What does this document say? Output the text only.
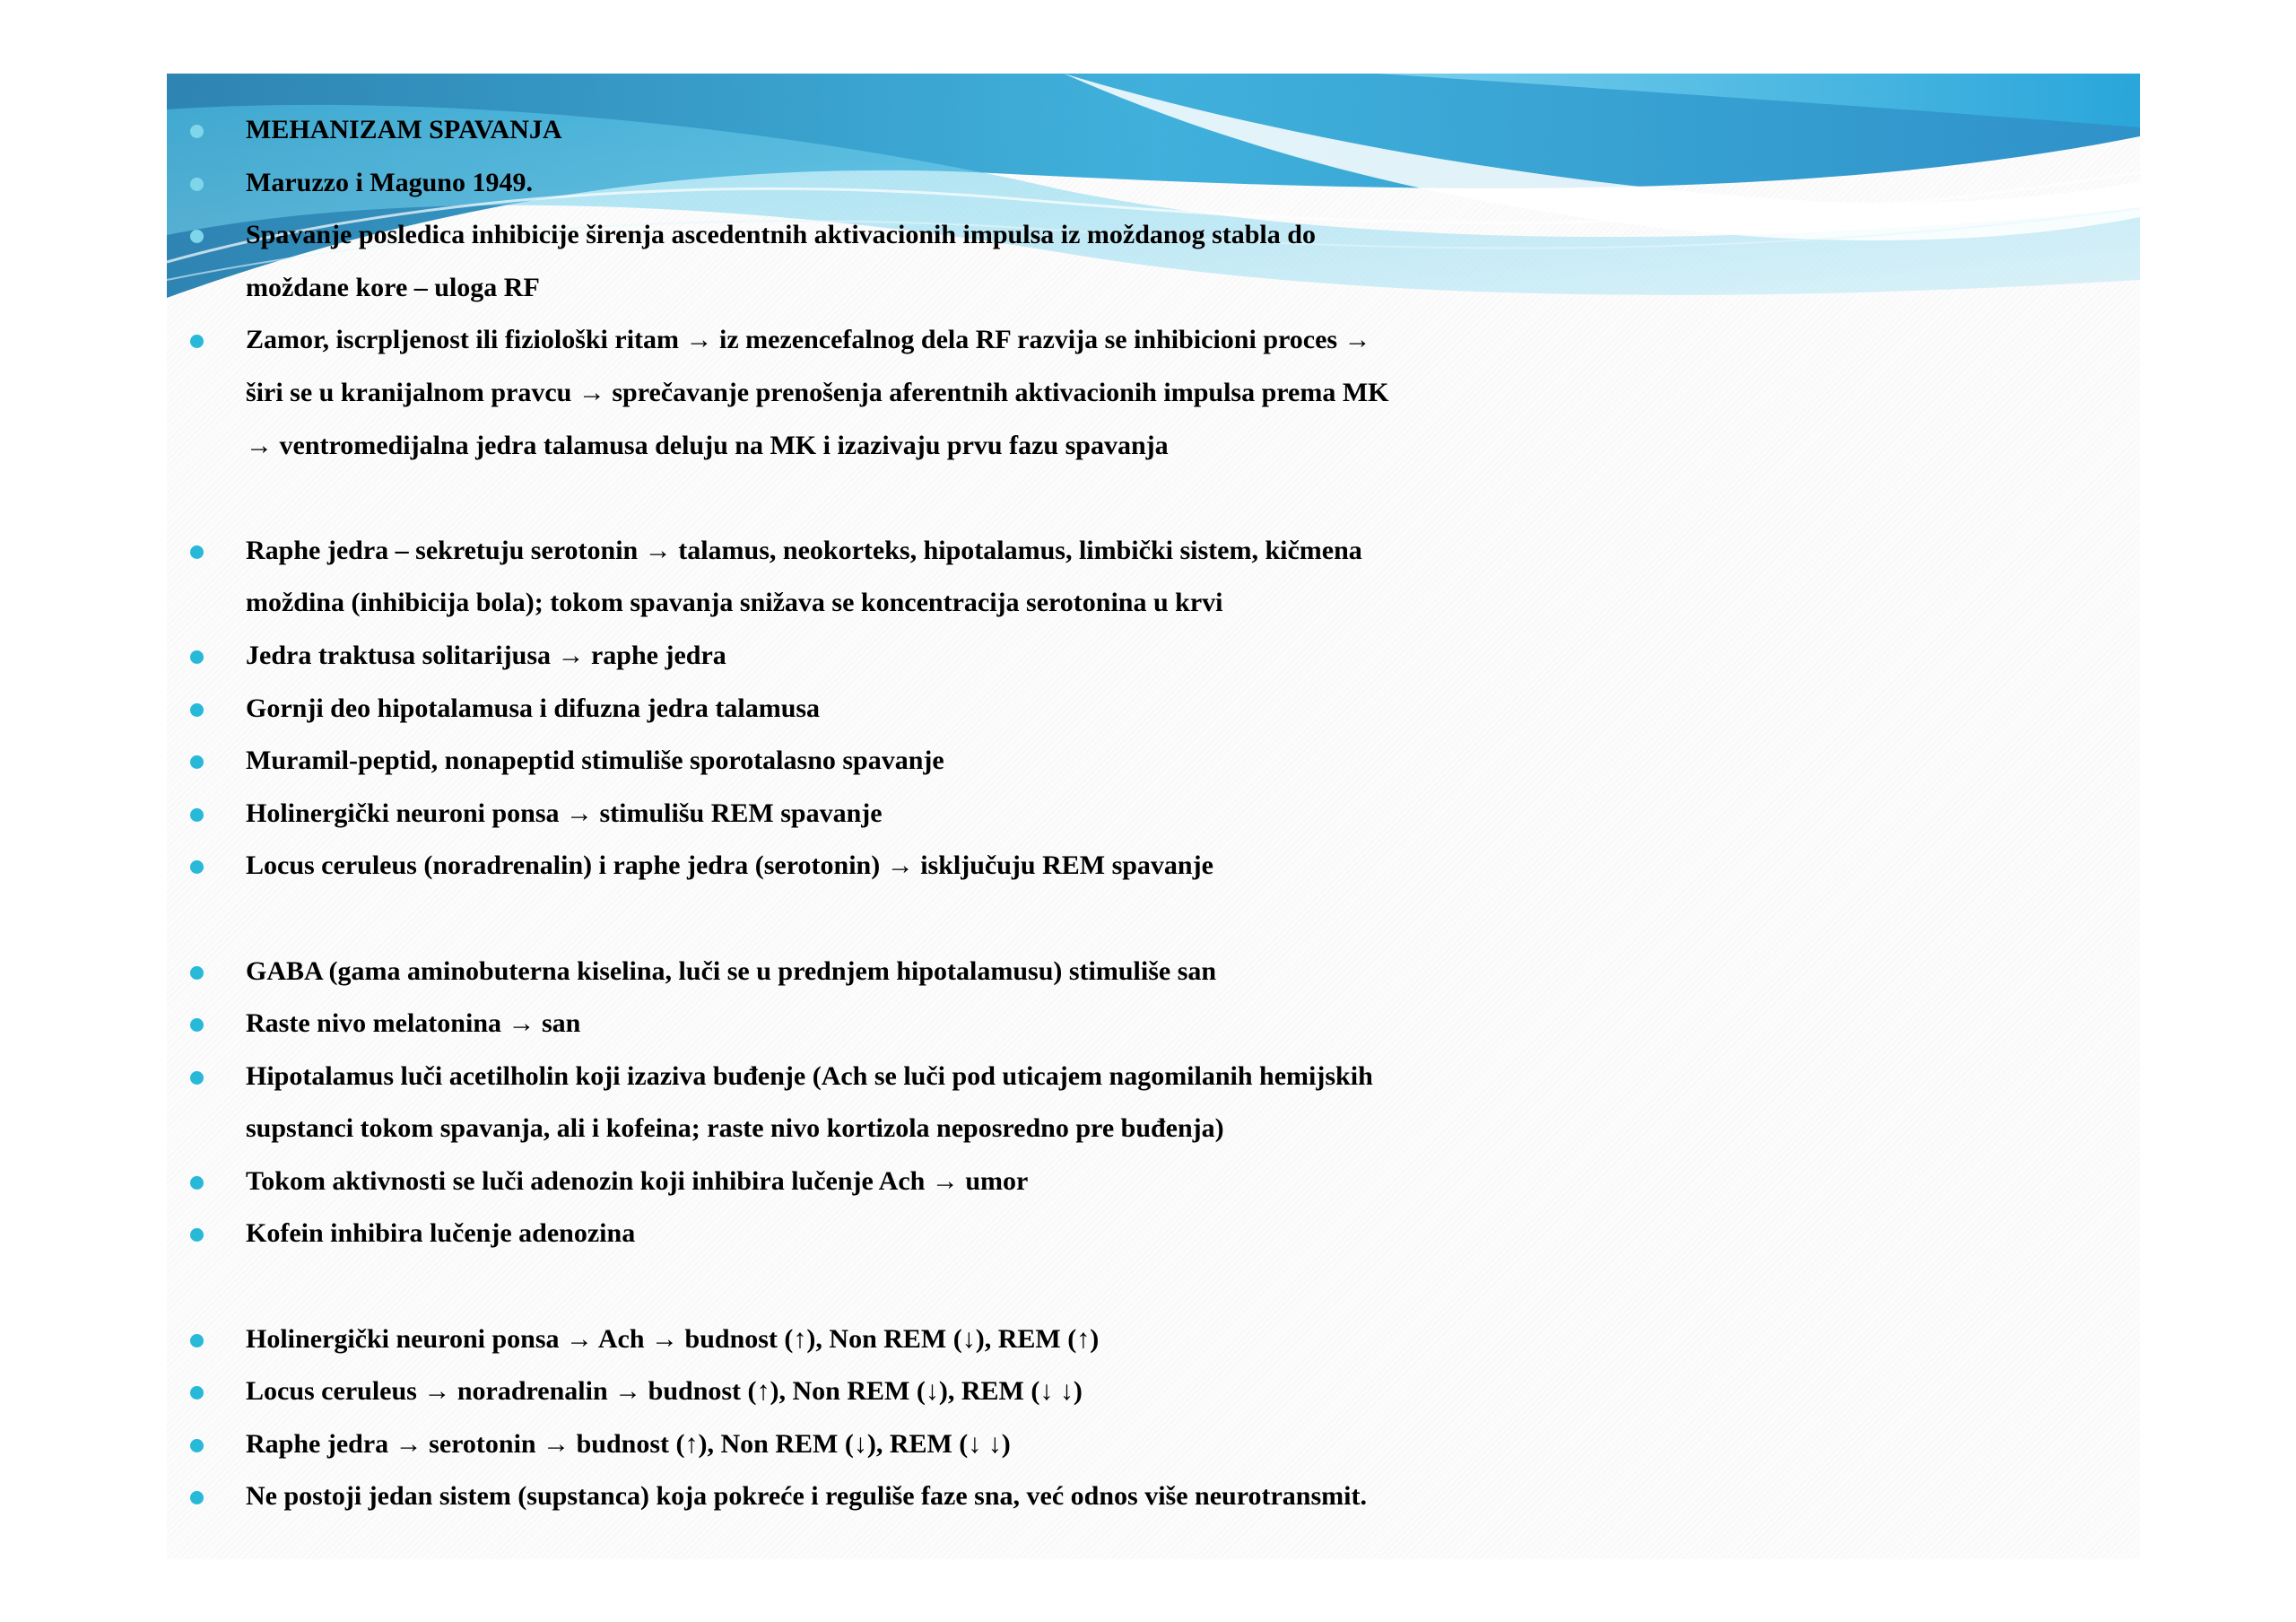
MEHANIZAM SPAVANJA
Maruzzo i Maguno 1949.
Spavanje posledica inhibicije širenja ascedentnih aktivacionih impulsa iz moždanog stabla do
moždane kore – uloga RF
Zamor, iscrpljenost ili fiziološki ritam → iz mezencefalnog dela RF razvija se inhibicioni proces →
širi se u kranijalnom pravcu → sprečavanje prenošenja aferentnih aktivacionih impulsa prema MK
→ ventromedijalna jedra talamusa deluju na MK i izazivaju prvu fazu spavanja
Raphe jedra – sekretuju serotonin → talamus, neokorteks, hipotalamus, limbički sistem, kičmena
moždina (inhibicija bola); tokom spavanja snižava se koncentracija serotonina u krvi
Jedra traktusa solitarijusa → raphe jedra
Gornji deo hipotalamusa i difuzna jedra talamusa
Muramil-peptid, nonapeptid stimuliše sporotalasno spavanje
Holinergički neuroni ponsa → stimulišu REM spavanje
Locus ceruleus (noradrenalin) i raphe jedra (serotonin) → isključuju REM spavanje
GABA (gama aminobuterna kiselina, luči se u prednjem hipotalamusu) stimuliše san
Raste nivo melatonina → san
Hipotalamus luči acetilholin koji izaziva buđenje (Ach se luči pod uticajem nagomilanih hemijskih
supstanci tokom spavanja, ali i kofeina; raste nivo kortizola neposredno pre buđenja)
Tokom aktivnosti se luči adenozin koji inhibira lučenje Ach → umor
Kofein inhibira lučenje adenozina
Holinergički neuroni ponsa → Ach → budnost (↑), Non REM (↓), REM (↑)
Locus ceruleus → noradrenalin → budnost (↑), Non REM (↓), REM (↓ ↓)
Raphe jedra → serotonin → budnost (↑), Non REM (↓), REM (↓ ↓)
Ne postoji jedan sistem (supstanca) koja pokreće i reguliše faze sna, već odnos više neurotransmit.
